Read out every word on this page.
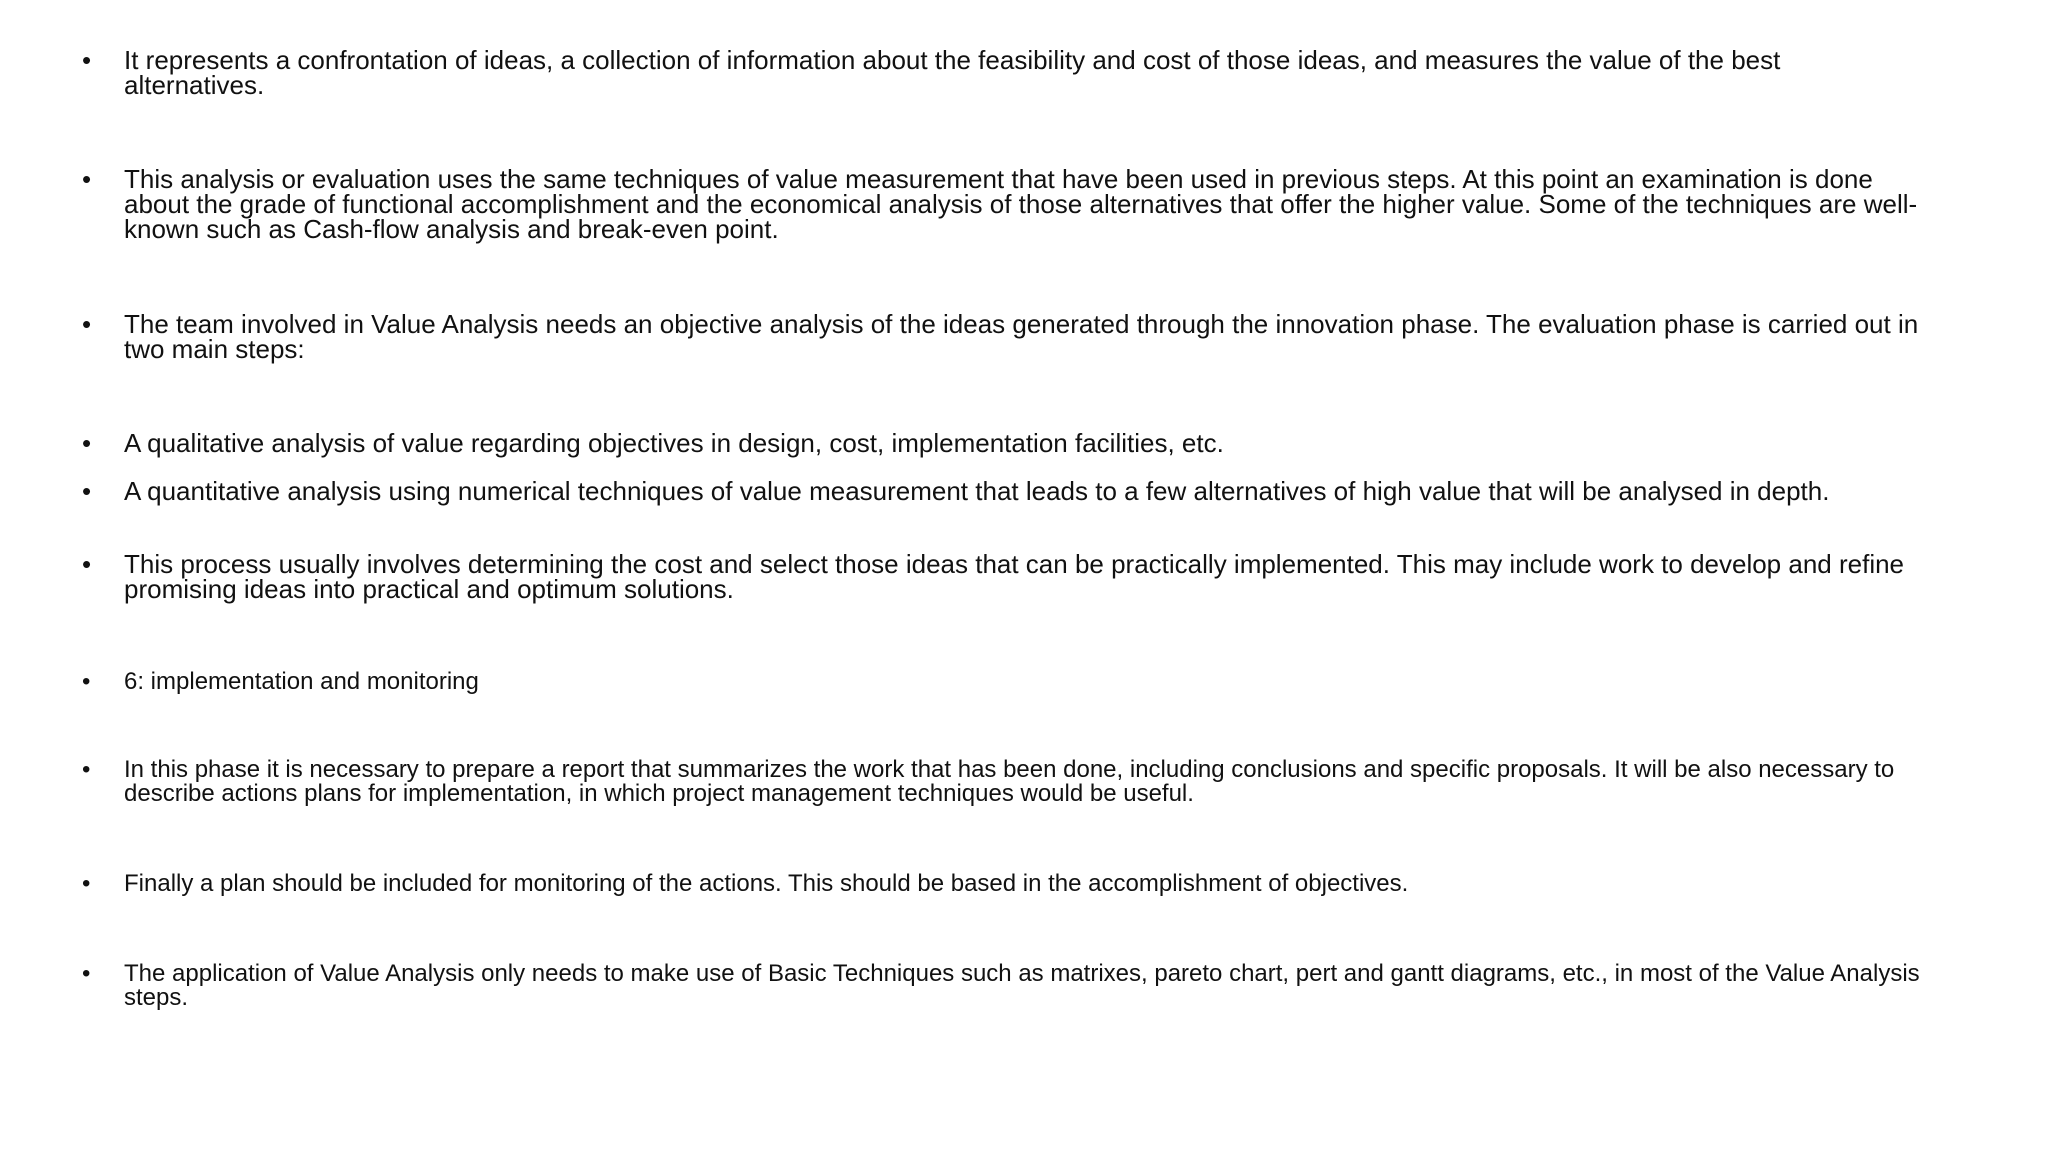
•	It represents a confrontation of ideas, a collection of information about the feasibility and cost of those ideas, and measures the value of the best alternatives.
•	This analysis or evaluation uses the same techniques of value measurement that have been used in previous steps. At this point an examination is done about the grade of functional accomplishment and the economical analysis of those alternatives that offer the higher value. Some of the techniques are well-known such as Cash-flow analysis and break-even point.
•	The team involved in Value Analysis needs an objective analysis of the ideas generated through the innovation phase. The evaluation phase is carried out in two main steps:
•	A qualitative analysis of value regarding objectives in design, cost, implementation facilities, etc.
•	A quantitative analysis using numerical techniques of value measurement that leads to a few alternatives of high value that will be analysed in depth.
•	This process usually involves determining the cost and select those ideas that can be practically implemented. This may include work to develop and refine promising ideas into practical and optimum solutions.
•	6: implementation and monitoring
•	In this phase it is necessary to prepare a report that summarizes the work that has been done, including conclusions and specific proposals. It will be also necessary to describe actions plans for implementation, in which project management techniques would be useful.
•	Finally a plan should be included for monitoring of the actions. This should be based in the accomplishment of objectives.
•	The application of Value Analysis only needs to make use of Basic Techniques such as matrixes, pareto chart, pert and gantt diagrams, etc., in most of the Value Analysis steps.
